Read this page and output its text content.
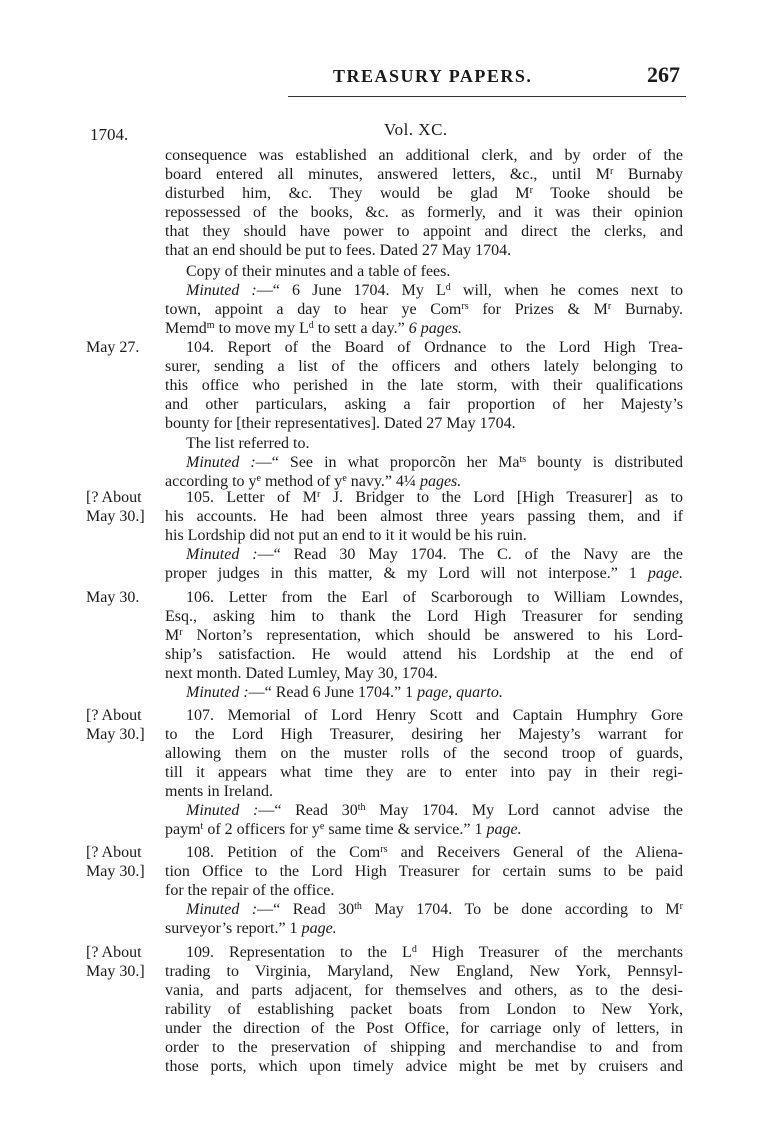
TREASURY PAPERS.	267
1704.	Vol. XC.
consequence was established an additional clerk, and by order of the
board entered all minutes, answered letters, &c., until $M^r$ Burnaby
disturbed him, &c. They would be glad $M^r$ Tooke should be
repossessed of the books, &c. as formerly, and it was their opinion
that they should have power to appoint and direct the clerks, and
that an end should be put to fees. Dated 27 May 1704.
Copy of their minutes and a table of fees.
Minuted :—“ 6 June 1704. My $L^d$ will, when he comes next to
town, appoint a day to hear ye Com$^{rs}$ for Prizes & $M^r$ Burnaby.
Memd$^m$ to move my $L^d$ to sett a day.” 6 pages.
May 27.	104. Report of the Board of Ordnance to the Lord High Trea-
surer, sending a list of the officers and others lately belonging to
this office who perished in the late storm, with their qualifications
and other particulars, asking a fair proportion of her Majesty’s
bounty for [their representatives]. Dated 27 May 1704.
The list referred to.
Minuted :—“ See in what proporcõn her $Ma^{ts}$ bounty is distributed
according to $y^e$ method of $y^e$ navy.” 4¼ pages.
[? About
May 30.]
105. Letter of $M^r$ J. Bridger to the Lord [High Treasurer] as to
his accounts. He had been almost three years passing them, and if
his Lordship did not put an end to it it would be his ruin.
Minuted :—“ Read 30 May 1704. The C. of the Navy are the
proper judges in this matter, & my Lord will not interpose.” 1 page.
May 30.	106. Letter from the Earl of Scarborough to William Lowndes,
Esq., asking him to thank the Lord High Treasurer for sending
$M^r$ Norton’s representation, which should be answered to his Lord-
ship’s satisfaction. He would attend his Lordship at the end of
next month. Dated Lumley, May 30, 1704.
Minuted :—“ Read 6 June 1704.” 1 page, quarto.
[? About
May 30.]
107. Memorial of Lord Henry Scott and Captain Humphry Gore
to the Lord High Treasurer, desiring her Majesty’s warrant for
allowing them on the muster rolls of the second troop of guards,
till it appears what time they are to enter into pay in their regi-
ments in Ireland.
Minuted :—“ Read 30th May 1704. My Lord cannot advise the
paym$^t$ of 2 officers for $y^e$ same time & service.” 1 page.
[? About
May 30.]
108. Petition of the Com$^{rs}$ and Receivers General of the Aliena-
tion Office to the Lord High Treasurer for certain sums to be paid
for the repair of the office.
Minuted :—“ Read 30th May 1704. To be done according to $M^r$
surveyor’s report.” 1 page.
[? About
May 30.]
109. Representation to the $L^d$ High Treasurer of the merchants
trading to Virginia, Maryland, New England, New York, Pennsyl-
vania, and parts adjacent, for themselves and others, as to the desi-
rability of establishing packet boats from London to New York,
under the direction of the Post Office, for carriage only of letters, in
order to the preservation of shipping and merchandise to and from
those ports, which upon timely advice might be met by cruisers and
